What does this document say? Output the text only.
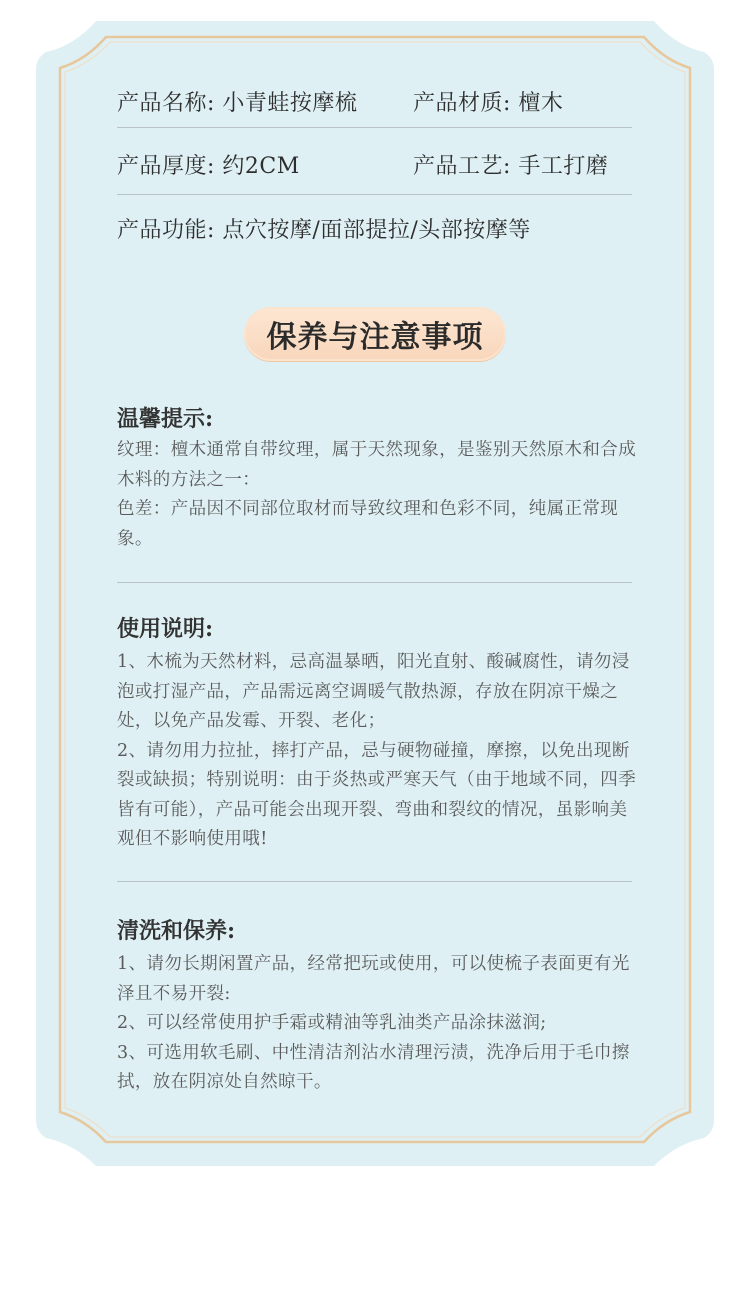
产品名称: 小青蛙按摩梳	产品材质: 檀木
产品厚度: 约2CM	产品工艺: 手工打磨
产品功能: 点穴按摩/面部提拉/头部按摩等
保养与注意事项
温馨提示:

纹理：檀木通常自带纹理，属于天然现象，是鉴别天然原木和合成木料的方法之一：

色差：产品因不同部位取材而导致纹理和色彩不同，纯属正常现象。

使用说明:

1、木梳为天然材料，忌高温暴晒，阳光直射、酸碱腐性，请勿浸泡或打湿产品，产品需远离空调暖气散热源，存放在阴凉干燥之处，以免产品发霉、开裂、老化；

2、请勿用力拉扯，摔打产品，忌与硬物碰撞，摩擦，以免出现断裂或缺损；特别说明：由于炎热或严寒天气（由于地域不同，四季皆有可能），产品可能会出现开裂、弯曲和裂纹的情况，虽影响美观但不影响使用哦!

清洗和保养:

1、请勿长期闲置产品，经常把玩或使用，可以使梳子表面更有光泽且不易开裂:

2、可以经常使用护手霜或精油等乳油类产品涂抹滋润;

3、可选用软毛刷、中性清洁剂沾水清理污渍，洗净后用于毛巾擦拭，放在阴凉处自然晾干。
